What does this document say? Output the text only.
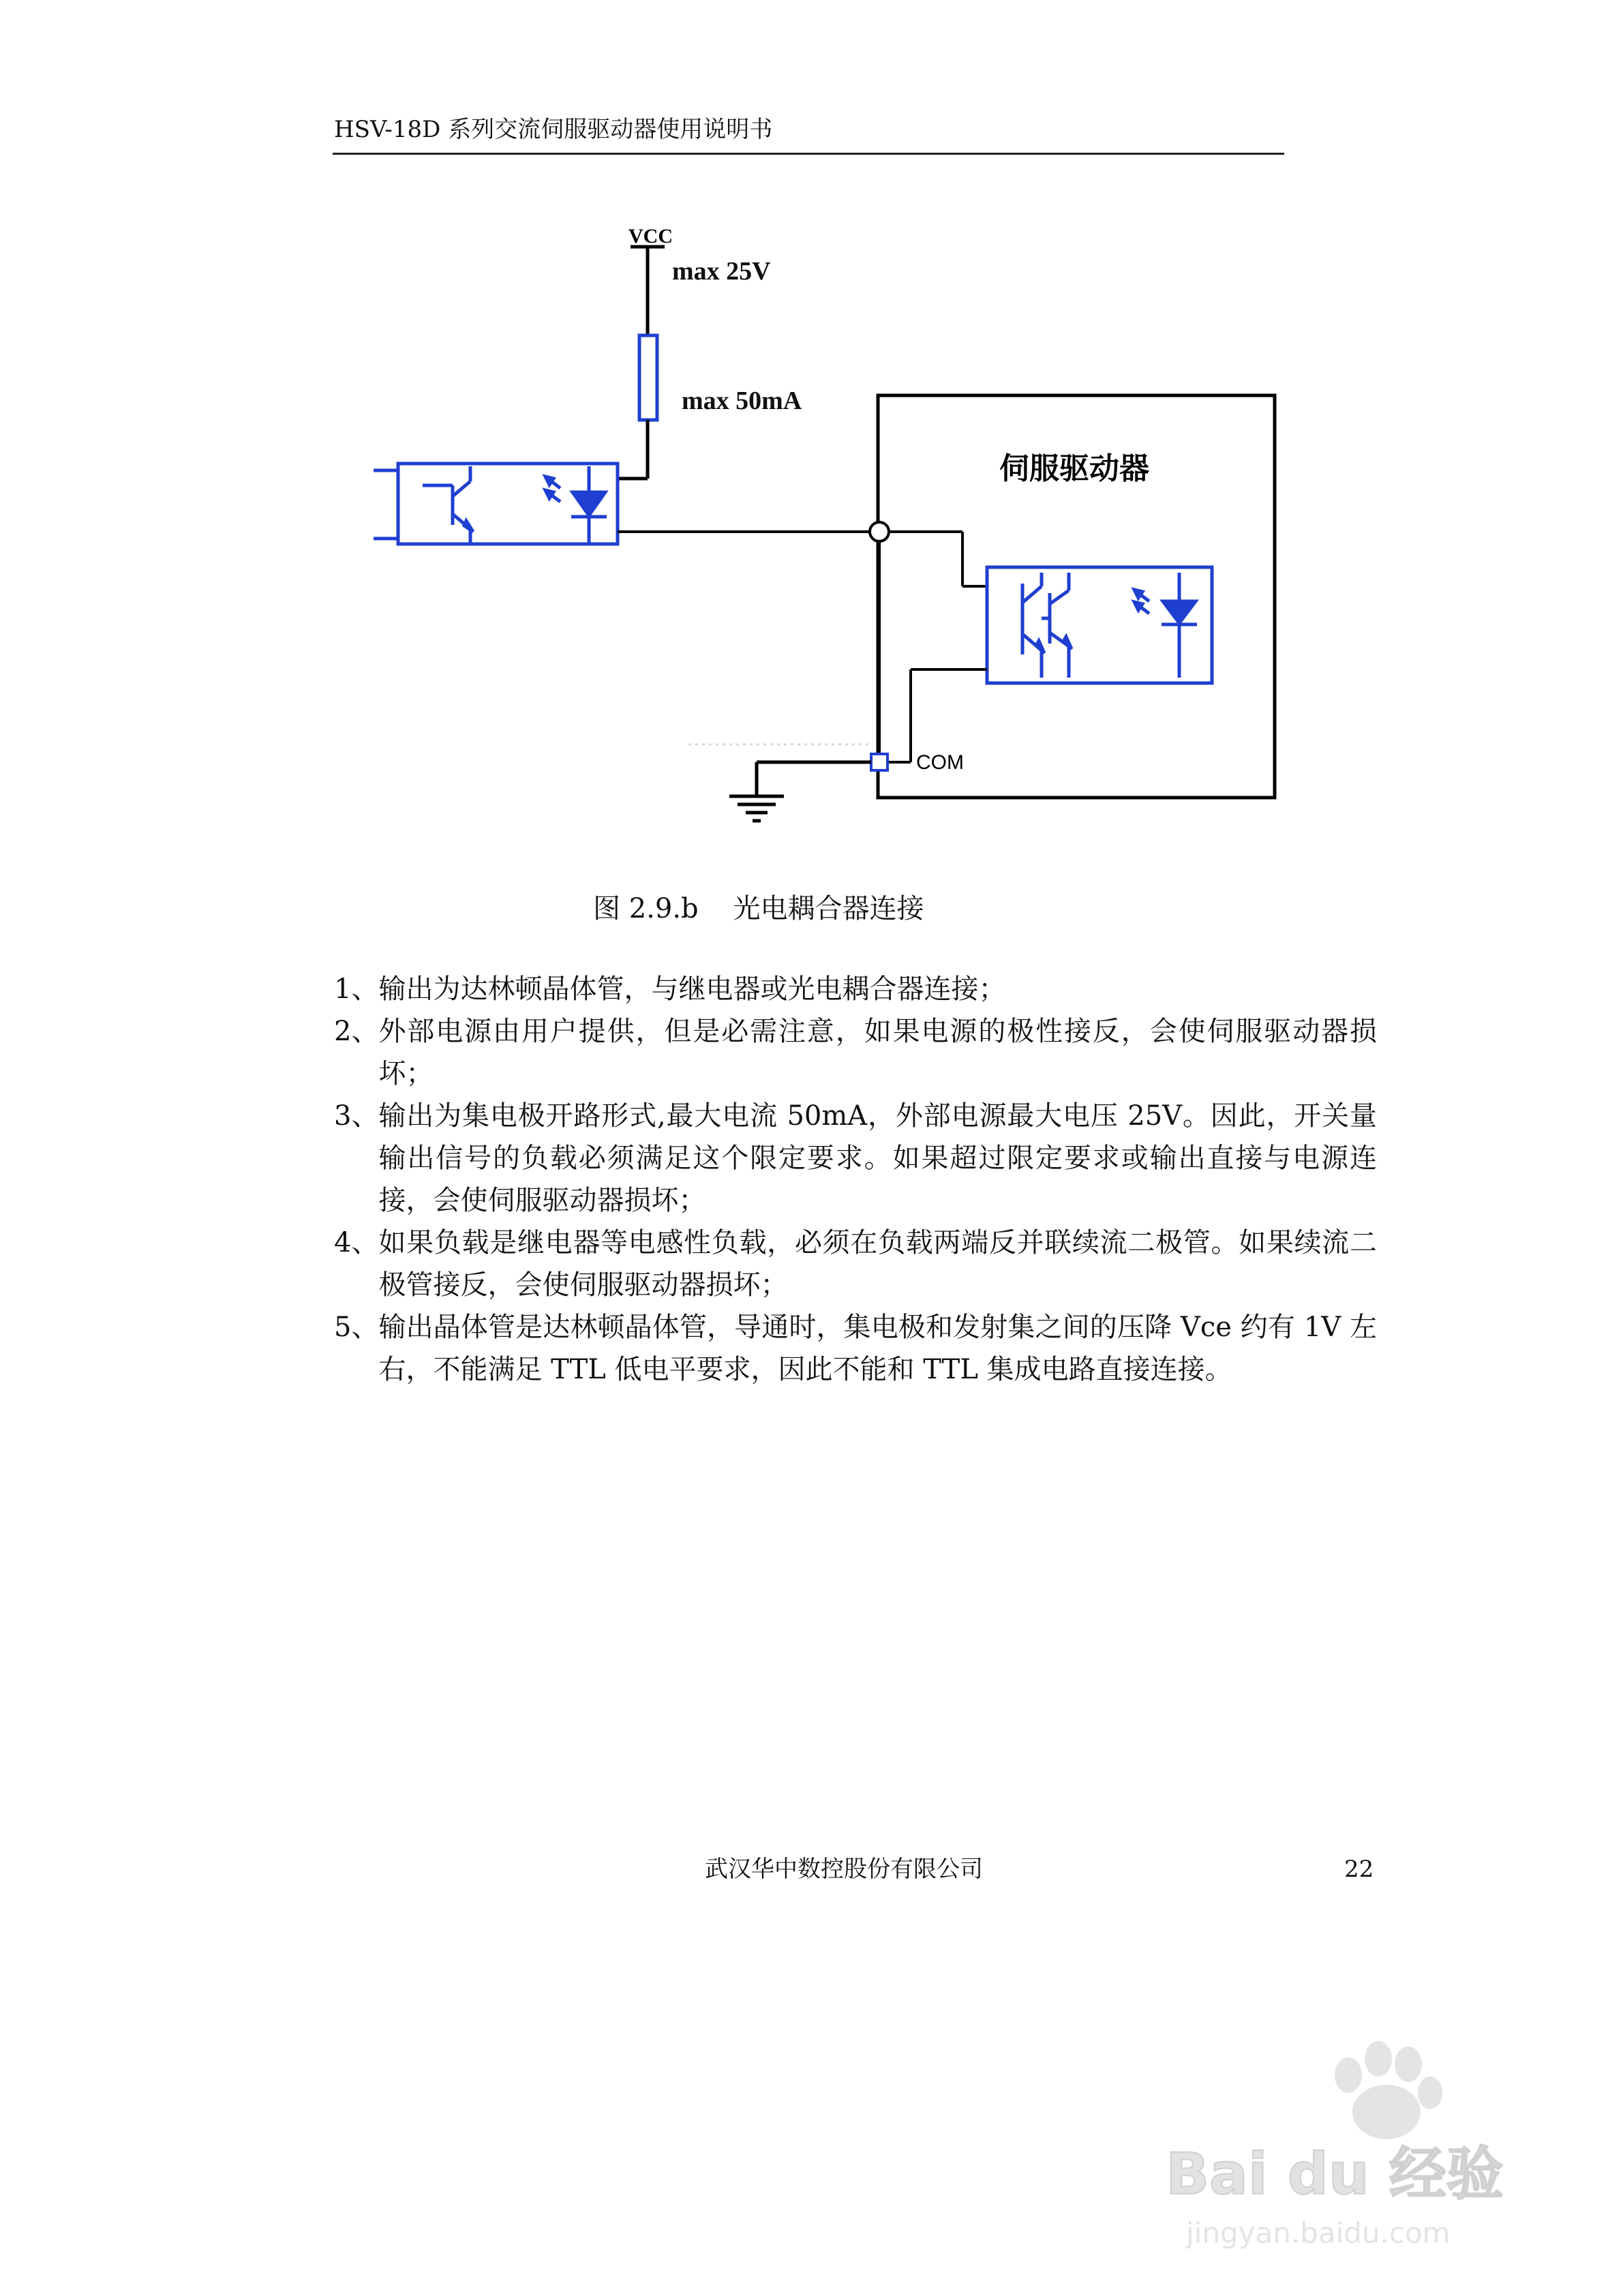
HSV-18D 系列交流伺服驱动器使用说明书
VCC
max 25V
max 50mA
伺服驱动器
COM
图 2.9.b    光电耦合器连接
1、 输出为达林顿晶体管，与继电器或光电耦合器连接；
2、 外部电源由用户提供，但是必需注意，如果电源的极性接反，会使伺服驱动器损坏；
3、 输出为集电极开路形式,最大电流 50mA，外部电源最大电压 25V。因此，开关量输出信号的负载必须满足这个限定要求。如果超过限定要求或输出直接与电源连接，会使伺服驱动器损坏；
4、 如果负载是继电器等电感性负载，必须在负载两端反并联续流二极管。如果续流二极管接反，会使伺服驱动器损坏；
5、 输出晶体管是达林顿晶体管，导通时，集电极和发射集之间的压降 Vce 约有 1V 左右，不能满足 TTL 低电平要求，因此不能和 TTL 集成电路直接连接。
武汉华中数控股份有限公司	22
Bai du 经验
jingyan.baidu.com
